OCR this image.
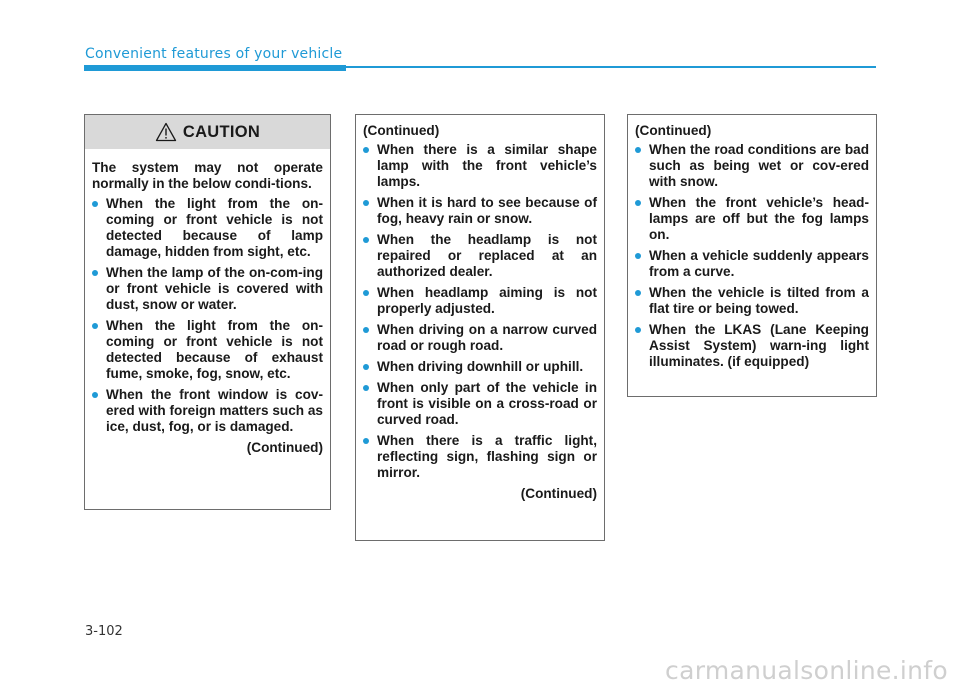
Convenient features of your vehicle
CAUTION

The system may not operate normally in the below condi-tions.

When the light from the on-coming or front vehicle is not detected because of lamp damage, hidden from sight, etc.
When the lamp of the on-com-ing or front vehicle is covered with dust, snow or water.
When the light from the on-coming or front vehicle is not detected because of exhaust fume, smoke, fog, snow, etc.
When the front window is cov-ered with foreign matters such as ice, dust, fog, or is damaged.
(Continued)

(Continued)

When there is a similar shape lamp with the front vehicle’s lamps.
When it is hard to see because of fog, heavy rain or snow.
When the headlamp is not repaired or replaced at an authorized dealer.
When headlamp aiming is not properly adjusted.
When driving on a narrow curved road or rough road.
When driving downhill or uphill.
When only part of the vehicle in front is visible on a cross-road or curved road.
When there is a traffic light, reflecting sign, flashing sign or mirror.
(Continued)

(Continued)

When the road conditions are bad such as being wet or cov-ered with snow.
When the front vehicle’s head-lamps are off but the fog lamps on.
When a vehicle suddenly appears from a curve.
When the vehicle is tilted from a flat tire or being towed.
When the LKAS (Lane Keeping Assist System) warn-ing light illuminates. (if equipped)
3-102
carmanualsonline.info
